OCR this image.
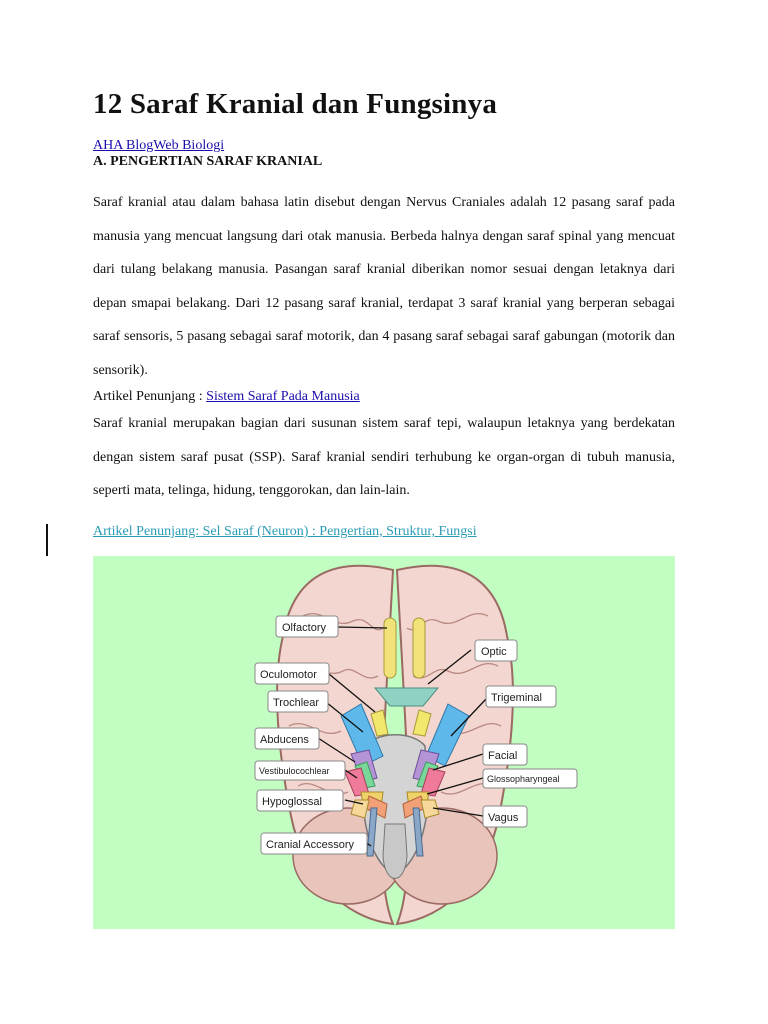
12 Saraf Kranial dan Fungsinya
AHA BlogWeb Biologi
A. PENGERTIAN SARAF KRANIAL

Saraf kranial atau dalam bahasa latin disebut dengan Nervus Craniales adalah 12 pasang saraf pada manusia yang mencuat langsung dari otak manusia. Berbeda halnya dengan saraf spinal yang mencuat dari tulang belakang manusia. Pasangan saraf kranial diberikan nomor sesuai dengan letaknya dari depan smapai belakang. Dari 12 pasang saraf kranial, terdapat 3 saraf kranial yang berperan sebagai saraf sensoris, 5 pasang sebagai saraf motorik, dan 4 pasang saraf sebagai saraf gabungan (motorik dan sensorik).

Artikel Penunjang : Sistem Saraf Pada Manusia

Saraf kranial merupakan bagian dari susunan sistem saraf tepi, walaupun letaknya yang berdekatan dengan sistem saraf pusat (SSP). Saraf kranial sendiri terhubung ke organ-organ di tubuh manusia, seperti mata, telinga, hidung, tenggorokan, dan lain-lain.

Artikel Penunjang: Sel Saraf (Neuron) : Pengertian, Struktur, Fungsi
Olfactory
Optic
Oculomotor
Trigeminal
Trochlear
Abducens
Facial
Vestibulocochlear
Glossopharyngeal
Hypoglossal
Vagus
Cranial Accessory
